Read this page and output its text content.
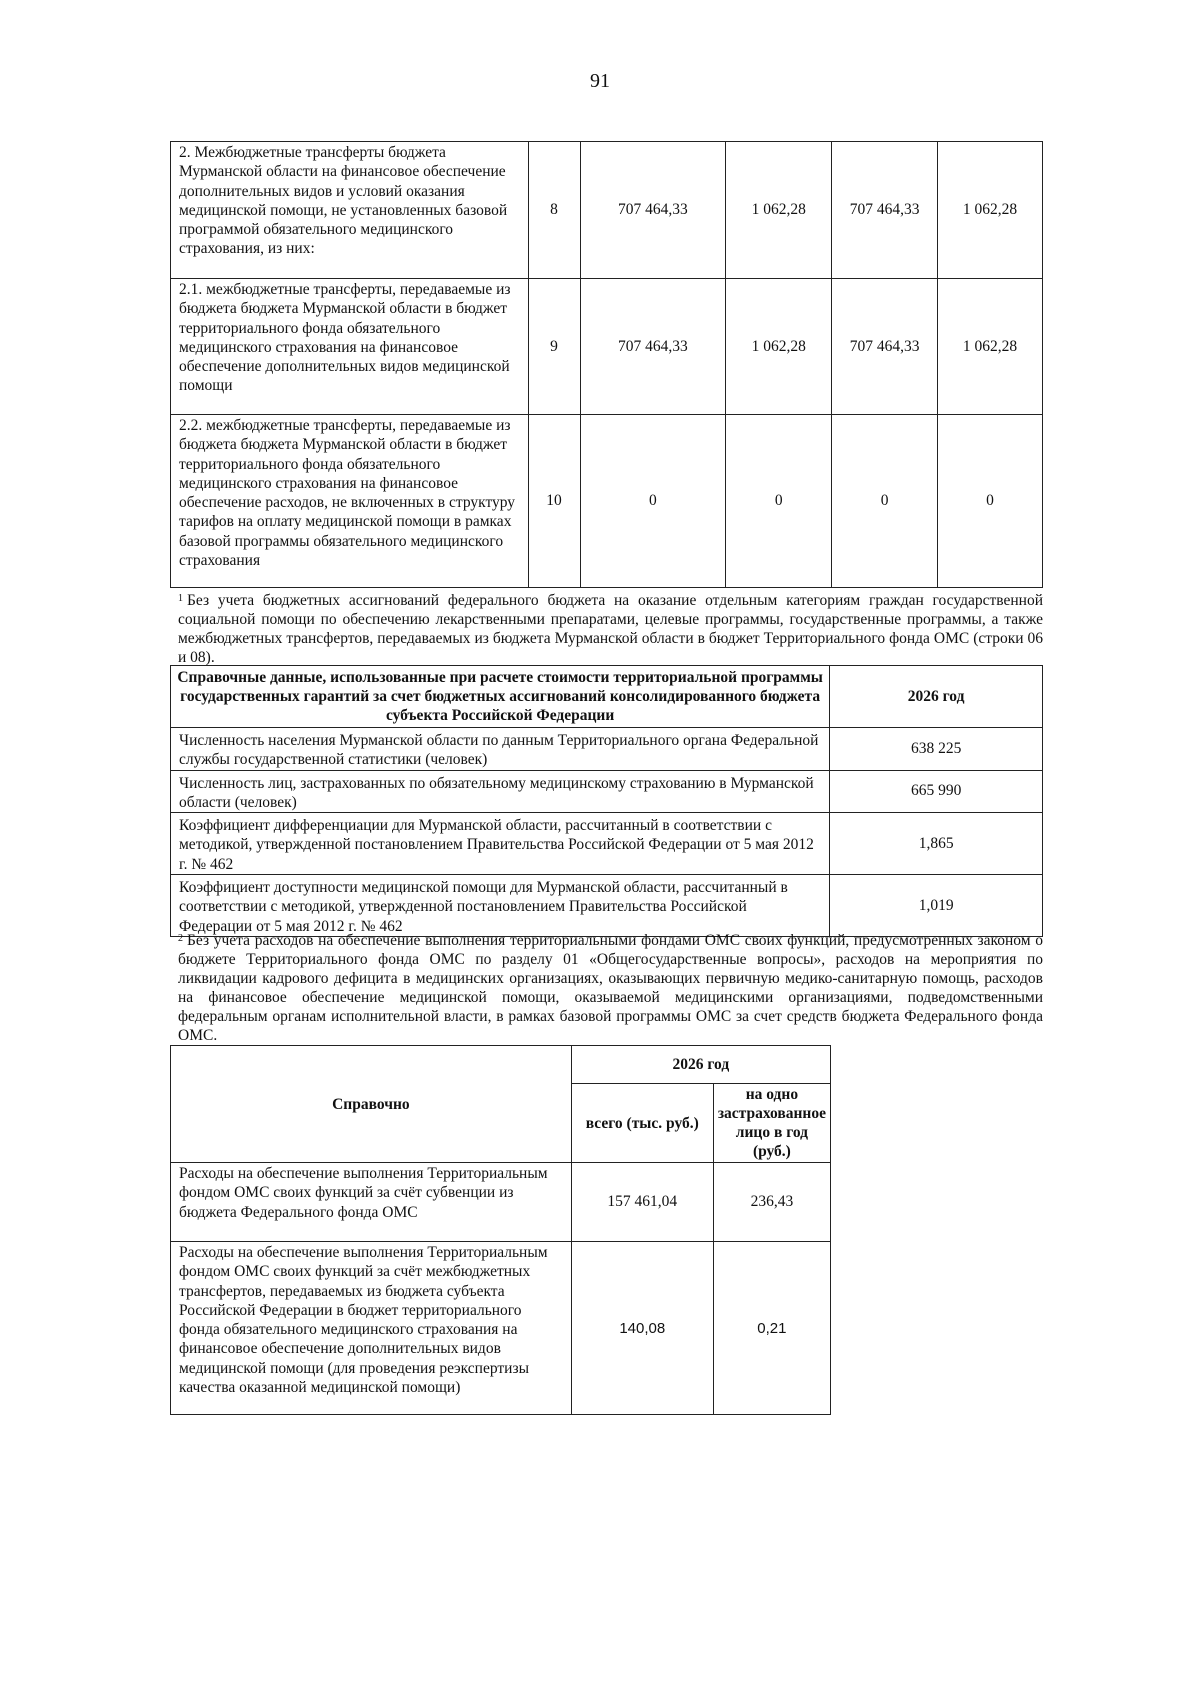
91
2. Межбюджетные трансферты бюджета Мурманской области на финансовое обеспечение дополнительных видов и условий оказания медицинской помощи, не установленных базовой программой обязательного медицинского страхования, из них:	8	707 464,33	1 062,28	707 464,33	1 062,28
2.1. межбюджетные трансферты, передаваемые из бюджета бюджета Мурманской области в бюджет территориального фонда обязательного медицинского страхования на финансовое обеспечение дополнительных видов медицинской помощи	9	707 464,33	1 062,28	707 464,33	1 062,28
2.2. межбюджетные трансферты, передаваемые из бюджета бюджета Мурманской области в бюджет территориального фонда обязательного медицинского страхования на финансовое обеспечение расходов, не включенных в структуру тарифов на оплату медицинской помощи в рамках базовой программы обязательного медицинского страхования	10	0	0	0	0
$^1$ Без учета бюджетных ассигнований федерального бюджета на оказание отдельным категориям граждан государственной социальной помощи по обеспечению лекарственными препаратами, целевые программы, государственные программы, а также межбюджетных трансфертов, передаваемых из бюджета Мурманской области в бюджет Территориального фонда ОМС (строки 06 и 08).
Справочные данные, использованные при расчете стоимости территориальной программы государственных гарантий за счет бюджетных ассигнований консолидированного бюджета субъекта Российской Федерации	2026 год
Численность населения Мурманской области по данным Территориального органа Федеральной службы государственной статистики (человек)	638 225
Численность лиц, застрахованных по обязательному медицинскому страхованию в Мурманской области (человек)	665 990
Коэффициент дифференциации для Мурманской области, рассчитанный в соответствии с методикой, утвержденной постановлением Правительства Российской Федерации от 5 мая 2012 г. № 462	1,865
Коэффициент доступности медицинской помощи для Мурманской области, рассчитанный в соответствии с методикой, утвержденной постановлением Правительства Российской Федерации от 5 мая 2012 г. № 462	1,019
$^2$ Без учета расходов на обеспечение выполнения территориальными фондами ОМС своих функций, предусмотренных законом о бюджете Территориального фонда ОМС по разделу 01 «Общегосударственные вопросы», расходов на мероприятия по ликвидации кадрового дефицита в медицинских организациях, оказывающих первичную медико-санитарную помощь, расходов на финансовое обеспечение медицинской помощи, оказываемой медицинскими организациями, подведомственными федеральным органам исполнительной власти, в рамках базовой программы ОМС за счет средств бюджета Федерального фонда ОМС.
Справочно	2026 год	
	всего (тыс. руб.)	на одно застрахованное лицо в год (руб.)
Расходы на обеспечение выполнения Территориальным фондом ОМС своих функций за счёт субвенции из бюджета Федерального фонда ОМС	157 461,04	236,43
Расходы на обеспечение выполнения Территориальным фондом ОМС своих функций за счёт межбюджетных трансфертов, передаваемых из бюджета субъекта Российской Федерации в бюджет территориального фонда обязательного медицинского страхования на финансовое обеспечение дополнительных видов медицинской помощи (для проведения реэкспертизы качества оказанной медицинской помощи)	140,08	0,21
